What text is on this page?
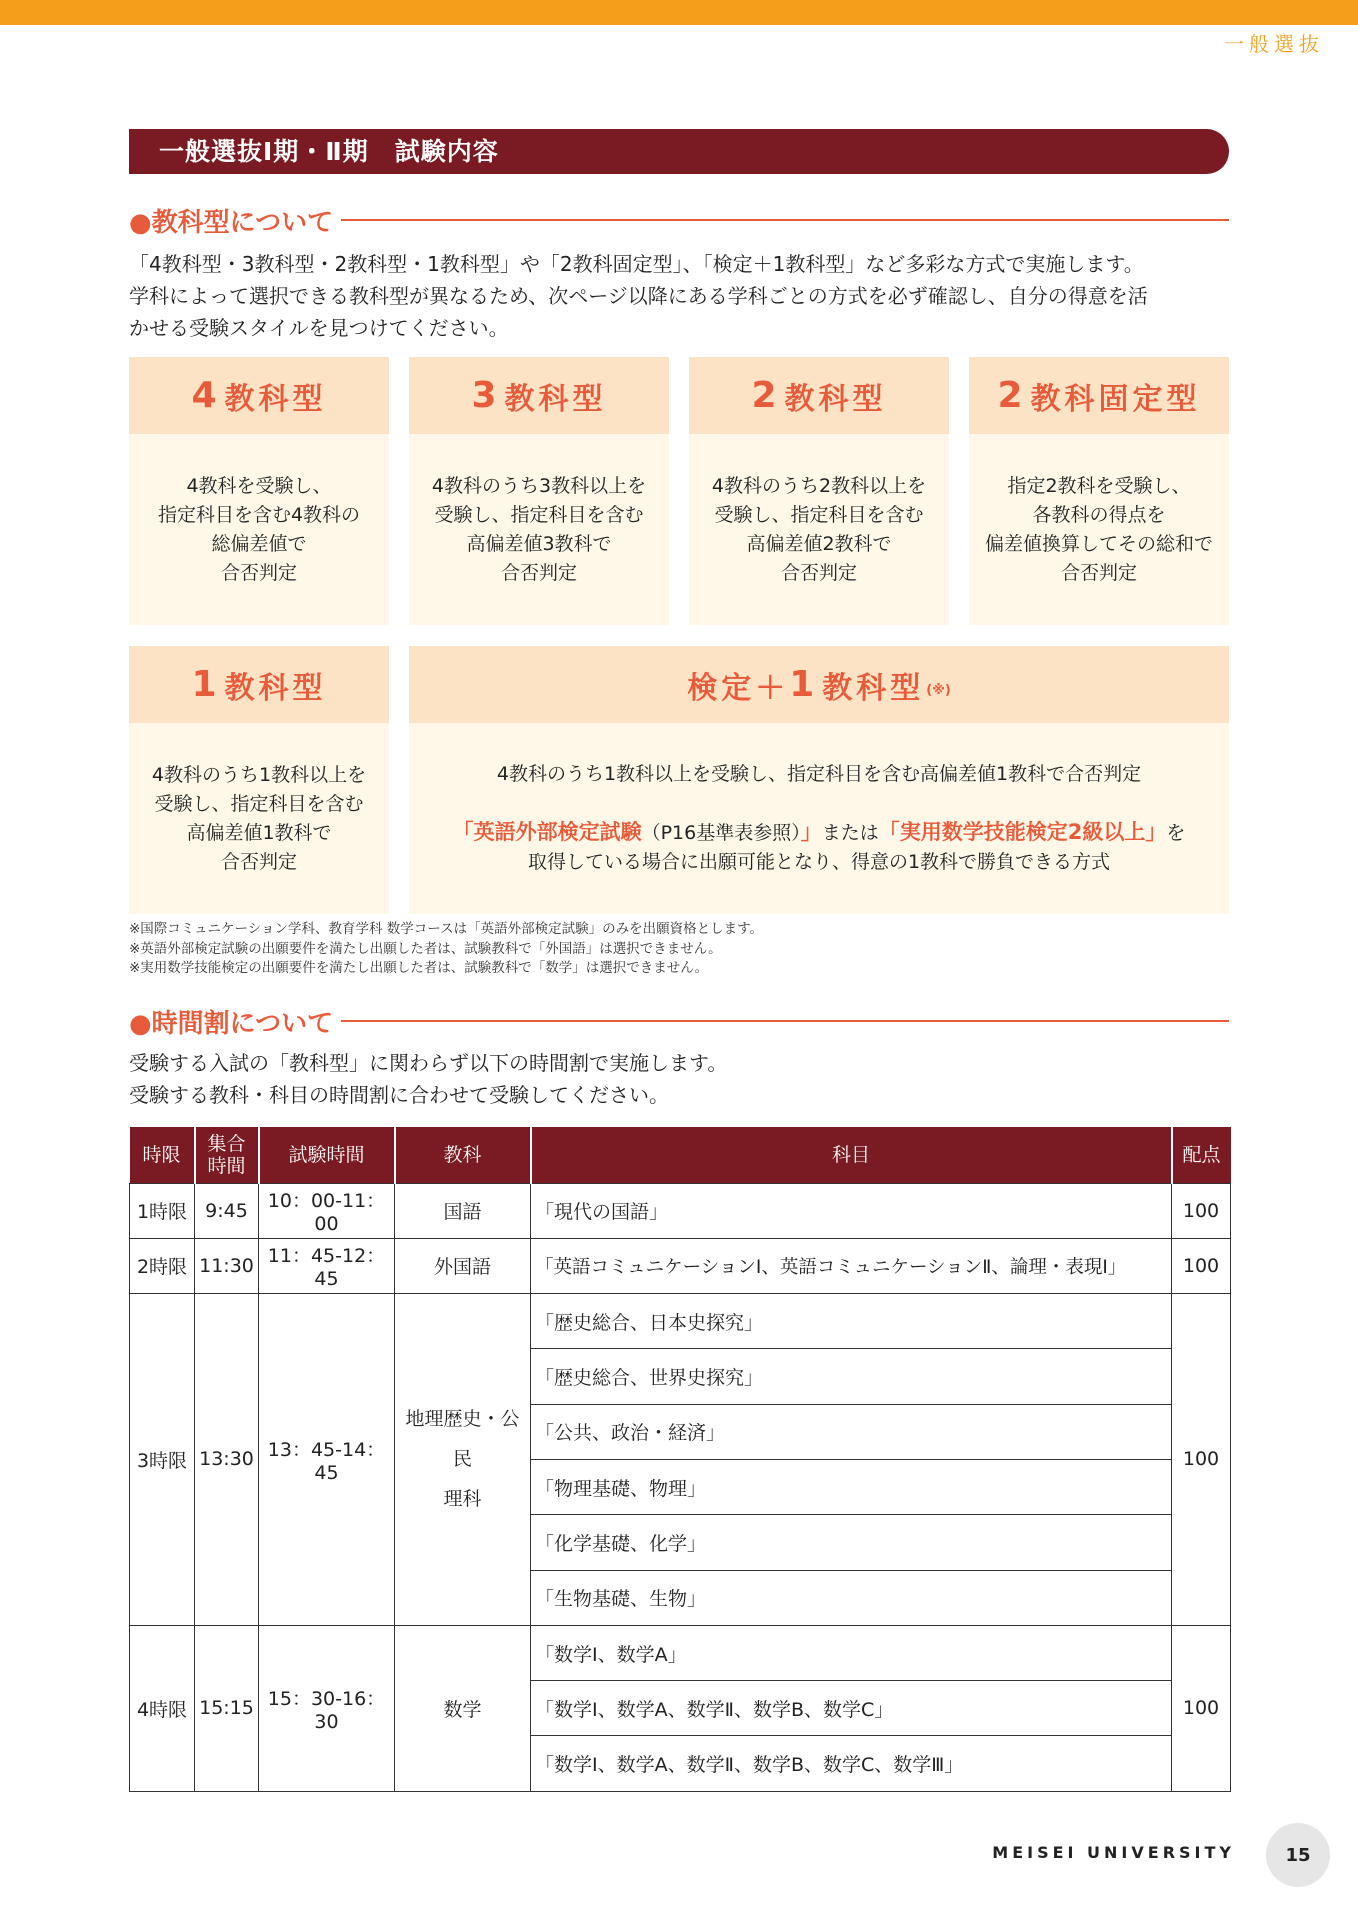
一般選抜
一般選抜Ⅰ期・Ⅱ期　試験内容
●教科型について
「4教科型・3教科型・2教科型・1教科型」や「2教科固定型」、「検定＋1教科型」など多彩な方式で実施します。
学科によって選択できる教科型が異なるため、次ページ以降にある学科ごとの方式を必ず確認し、自分の得意を活
かせる受験スタイルを見つけてください。
4 教科型
4教科を受験し、
指定科目を含む4教科の
総偏差値で
合否判定
3 教科型
4教科のうち3教科以上を
受験し、指定科目を含む
高偏差値3教科で
合否判定
2 教科型
4教科のうち2教科以上を
受験し、指定科目を含む
高偏差値2教科で
合否判定
2 教科固定型
指定2教科を受験し、
各教科の得点を
偏差値換算してその総和で
合否判定
1 教科型
4教科のうち1教科以上を
受験し、指定科目を含む
高偏差値1教科で
合否判定
検定＋ 1 教科型 (※)
4教科のうち1教科以上を受験し、指定科目を含む高偏差値1教科で合否判定

「英語外部検定試験（P16基準表参照）」または「実用数学技能検定2級以上」を

取得している場合に出願可能となり、得意の1教科で勝負できる方式
※国際コミュニケーション学科、教育学科 数学コースは「英語外部検定試験」のみを出願資格とします。
※英語外部検定試験の出願要件を満たし出願した者は、試験教科で「外国語」は選択できません。
※実用数学技能検定の出願要件を満たし出願した者は、試験教科で「数学」は選択できません。
●時間割について
受験する入試の「教科型」に関わらず以下の時間割で実施します。
受験する教科・科目の時間割に合わせて受験してください。
時限	集合
時間	試験時間	教科	科目	配点
1時限	9:45	10：00-11：00	国語	「現代の国語」	100
2時限	11:30	11：45-12：45	外国語	「英語コミュニケーションⅠ、英語コミュニケーションⅡ、論理・表現Ⅰ」	100
3時限	13:30	13：45-14：45	地理歴史・公民
理科	「歴史総合、日本史探究」	100
				「歴史総合、世界史探究」	
				「公共、政治・経済」	
				「物理基礎、物理」	
				「化学基礎、化学」	
				「生物基礎、生物」	
4時限	15:15	15：30-16：30	数学	「数学Ⅰ、数学A」	100
				「数学Ⅰ、数学A、数学Ⅱ、数学B、数学C」	
				「数学Ⅰ、数学A、数学Ⅱ、数学B、数学C、数学Ⅲ」	
MEISEI UNIVERSITY	15
